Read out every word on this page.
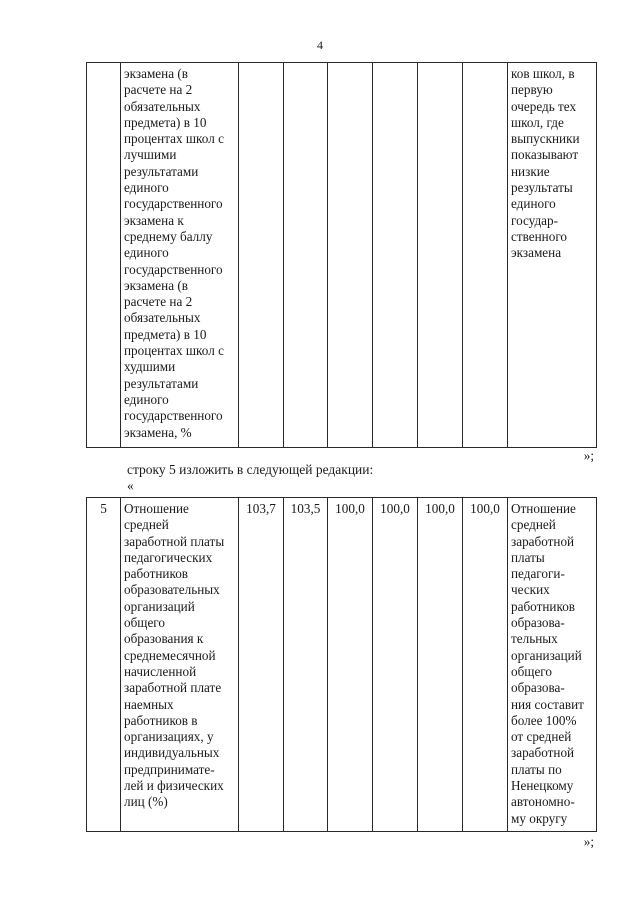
4
	экзамена (в
расчете на 2
обязательных
предмета) в 10
процентах школ с
лучшими
результатами
единого
государственного
экзамена к
среднему баллу
единого
государственного
экзамена (в
расчете на 2
обязательных
предмета) в 10
процентах школ с
худшими
результатами
единого
государственного
экзамена, %							ков школ, в
первую
очередь тех
школ, где
выпускники
показывают
низкие
результаты
единого
государ-
ственного
экзамена
»;
строку 5 изложить в следующей редакции:
«
5	Отношение
средней
заработной платы
педагогических
работников
образовательных
организаций
общего
образования к
среднемесячной
начисленной
заработной плате
наемных
работников в
организациях, у
индивидуальных
предпринимате-
лей и физических
лиц (%)	103,7	103,5	100,0	100,0	100,0	100,0	Отношение
средней
заработной
платы
педагоги-
ческих
работников
образова-
тельных
организаций
общего
образова-
ния составит
более 100%
от средней
заработной
платы по
Ненецкому
автономно-
му округу
»;
